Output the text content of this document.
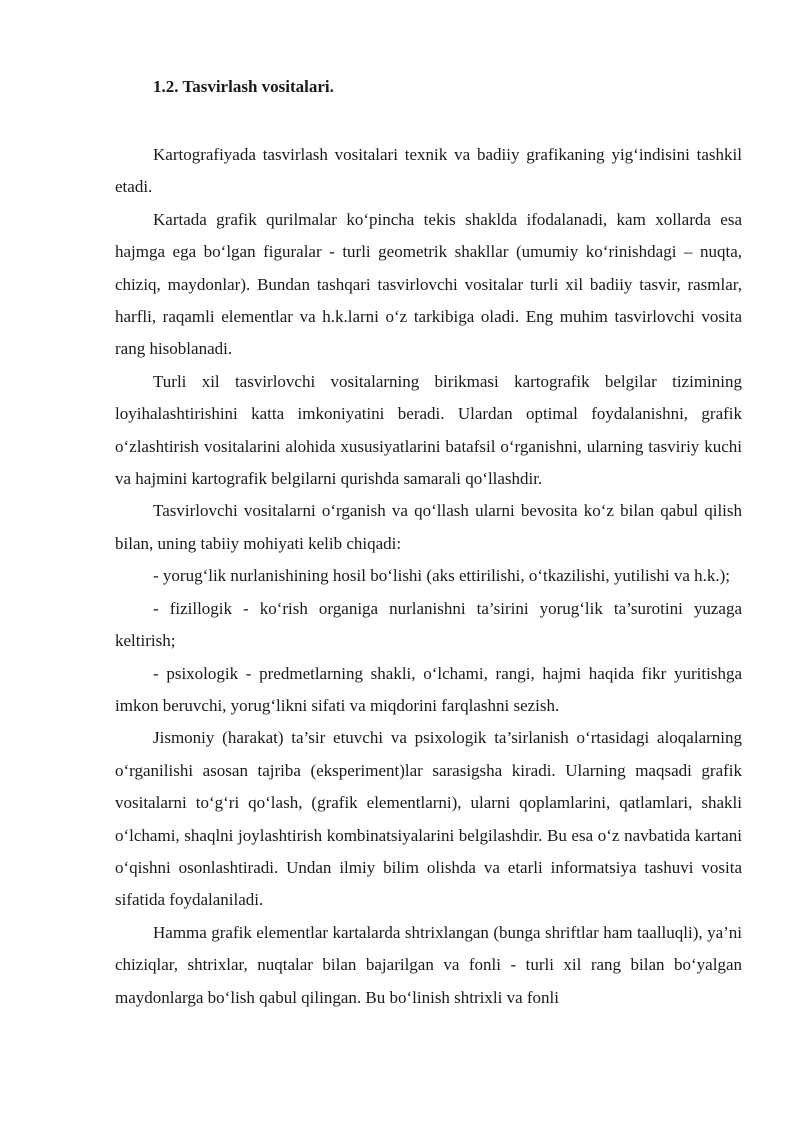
1.2. Tasvirlash vositalari.

Kartografiyada tasvirlash vositalari texnik va badiiy grafikaning yig‘indisini tashkil etadi.

Kartada grafik qurilmalar ko‘pincha tekis shaklda ifodalanadi, kam xollarda esa hajmga ega bo‘lgan figuralar - turli geometrik shakllar (umumiy ko‘rinishdagi – nuqta, chiziq, maydonlar). Bundan tashqari tasvirlovchi vositalar turli xil badiiy tasvir, rasmlar, harfli, raqamli elementlar va h.k.larni o‘z tarkibiga oladi. Eng muhim tasvirlovchi vosita rang hisoblanadi.

Turli xil tasvirlovchi vositalarning birikmasi kartografik belgilar tizimining loyihalashtirishini katta imkoniyatini beradi. Ulardan optimal foydalanishni, grafik o‘zlashtirish vositalarini alohida xususiyatlarini batafsil o‘rganishni, ularning tasviriy kuchi va hajmini kartografik belgilarni qurishda samarali qo‘llashdir.

Tasvirlovchi vositalarni o‘rganish va qo‘llash ularni bevosita ko‘z bilan qabul qilish bilan, uning tabiiy mohiyati kelib chiqadi:

- yorug‘lik nurlanishining hosil bo‘lishi (aks ettirilishi, o‘tkazilishi, yutilishi va h.k.);

- fizillogik - ko‘rish organiga nurlanishni ta’sirini yorug‘lik ta’surotini yuzaga keltirish;

- psixologik - predmetlarning shakli, o‘lchami, rangi, hajmi haqida fikr yuritishga imkon beruvchi, yorug‘likni sifati va miqdorini farqlashni sezish.

Jismoniy (harakat) ta’sir etuvchi va psixologik ta’sirlanish o‘rtasidagi aloqalarning o‘rganilishi asosan tajriba (eksperiment)lar sarasigsha kiradi. Ularning maqsadi grafik vositalarni to‘g‘ri qo‘lash, (grafik elementlarni), ularni qoplamlarini, qatlamlari, shakli o‘lchami, shaqlni joylashtirish kombinatsiyalarini belgilashdir. Bu esa o‘z navbatida kartani o‘qishni osonlashtiradi. Undan ilmiy bilim olishda va etarli informatsiya tashuvi vosita sifatida foydalaniladi.

Hamma grafik elementlar kartalarda shtrixlangan (bunga shriftlar ham taalluqli), ya’ni chiziqlar, shtrixlar, nuqtalar bilan bajarilgan va fonli - turli xil rang bilan bo‘yalgan maydonlarga bo‘lish qabul qilingan. Bu bo‘linish shtrixli va fonli
